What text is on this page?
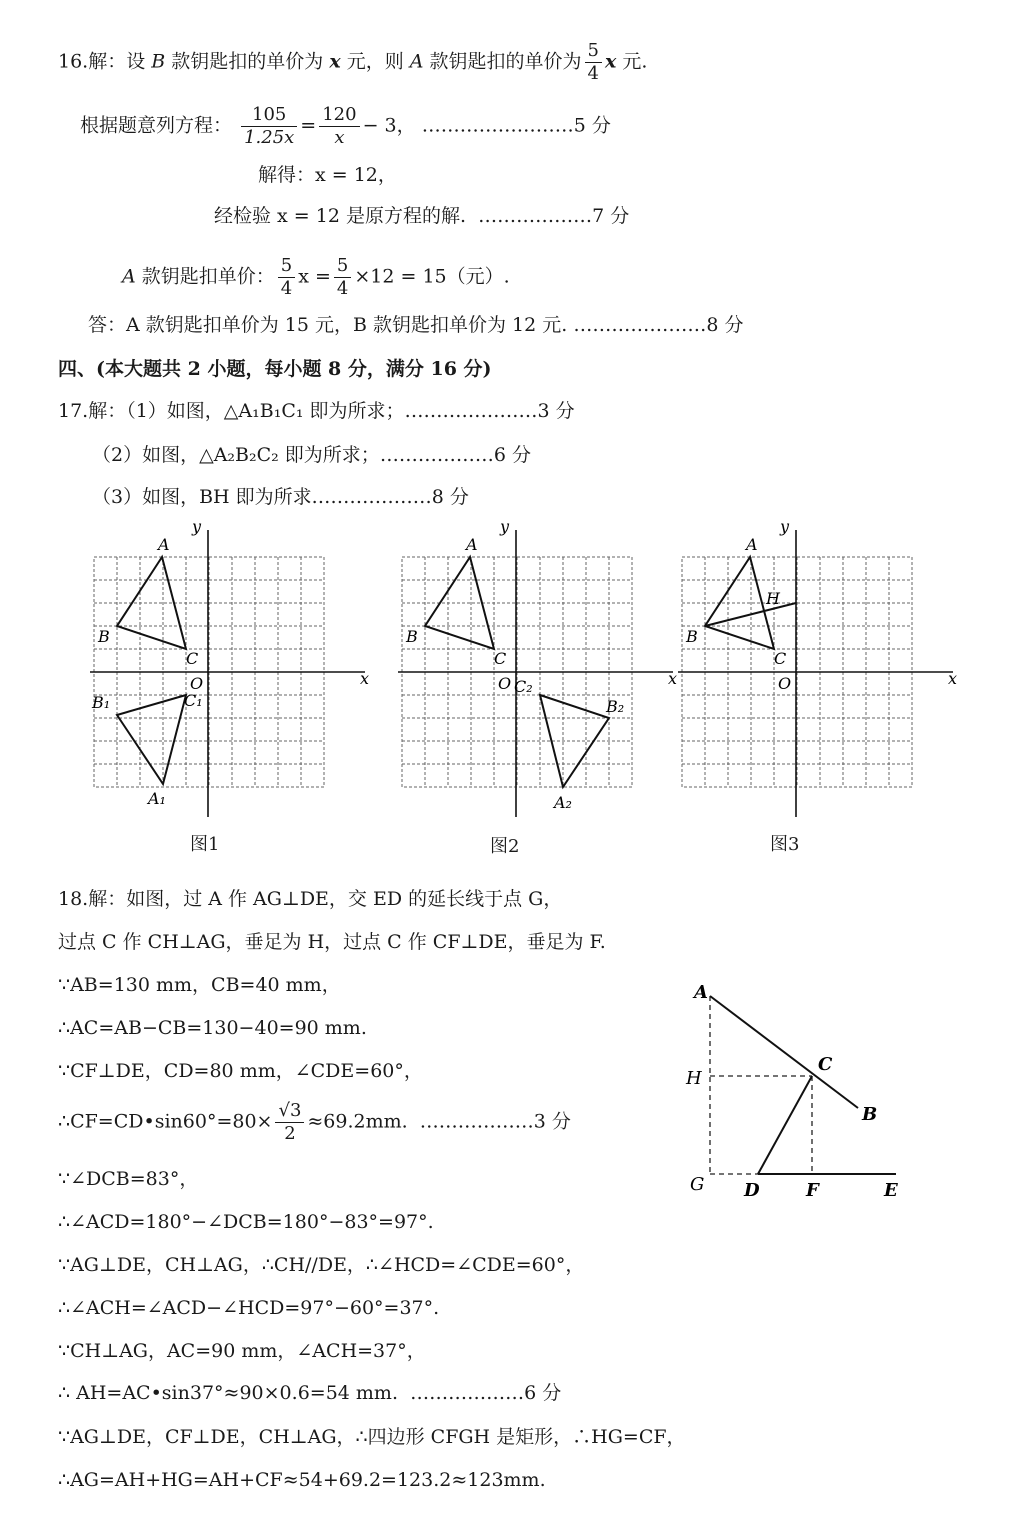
16.解：设 B 款钥匙扣的单价为 x 元，则 A 款钥匙扣的单价为 $\frac{5}{4}$ x 元.
根据题意列方程： $\frac{105}{1.25x} = \frac{120}{x} - 3$， ……………………5 分
解得：x = 12，
经检验 x = 12 是原方程的解. ………………7 分
A 款钥匙扣单价： $\frac{5}{4}$ $x = \frac{5}{4} \times 12 = 15$（元）.
答：A 款钥匙扣单价为 15 元，B 款钥匙扣单价为 12 元. …………………8 分
四、(本大题共 2 小题，每小题 8 分，满分 16 分)
17.解：（1）如图，△A₁B₁C₁ 即为所求；…………………3 分
（2）如图，△A₂B₂C₂ 即为所求；………………6 分
（3）如图，BH 即为所求.………………8 分
x
y
O
A
B
C
A₁
B₁	C₁
图1
x
y
O
A
B
C
C₂
B₂
A₂
图2
x
y
O
A
B
C
H
图3
18.解：如图，过 A 作 AG⊥DE，交 ED 的延长线于点 G，
过点 C 作 CH⊥AG，垂足为 H，过点 C 作 CF⊥DE，垂足为 F.
∵AB=130 mm，CB=40 mm，
∴AC=AB−CB=130−40=90 mm.
∵CF⊥DE，CD=80 mm，∠CDE=60°，
∴CF=CD•sin60°=80× $\frac{√3}{2} \approx 69.2mm$. ………………3 分
∵∠DCB=83°，
∴∠ACD=180°−∠DCB=180°−83°=97°.
∵AG⊥DE，CH⊥AG，∴CH//DE，∴∠HCD=∠CDE=60°，
∴∠ACH=∠ACD−∠HCD=97°−60°=37°.
∵CH⊥AG，AC=90 mm，∠ACH=37°，
∴ AH=AC•sin37°≈90×0.6=54 mm. ………………6 分
∵AG⊥DE，CF⊥DE，CH⊥AG，∴四边形 CFGH 是矩形，∴HG=CF，
∴AG=AH+HG=AH+CF≈54+69.2=123.2≈123mm.
A
H
C
B
G D	F	E
